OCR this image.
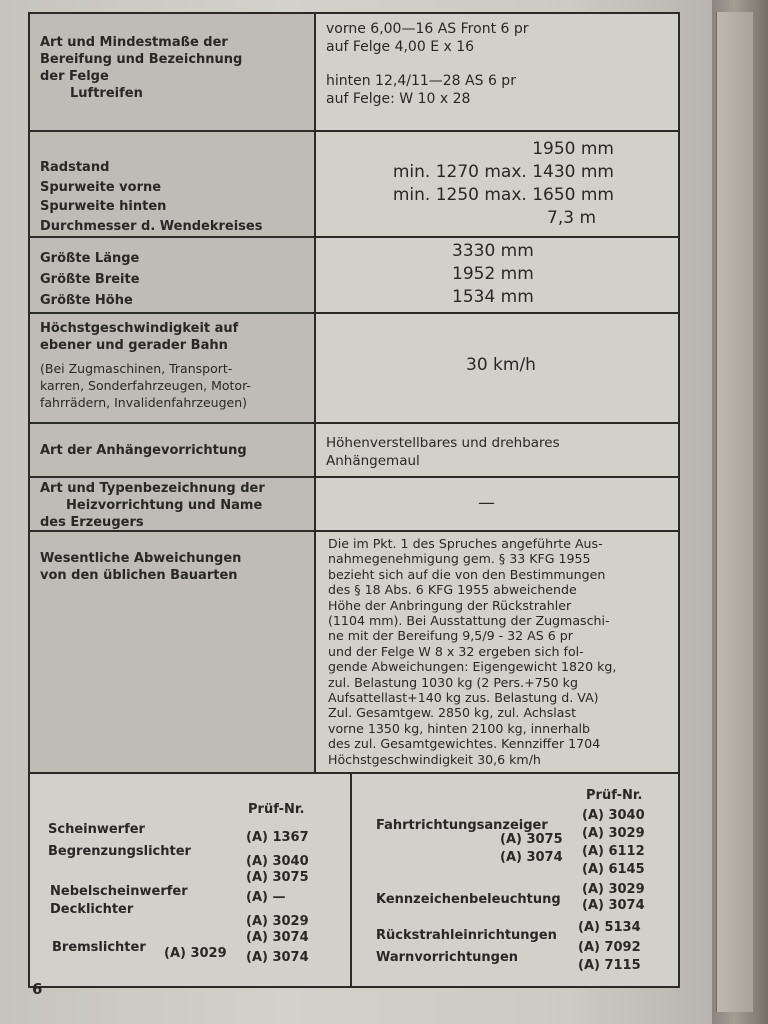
Art und Mindestmaße der
Bereifung und Bezeichnung
der Felge
Luftreifen
vorne 6,00—16 AS Front 6 pr
auf Felge 4,00 E x 16
hinten 12,4/11—28 AS 6 pr
auf Felge: W 10 x 28
Radstand
Spurweite vorne
Spurweite hinten
Durchmesser d. Wendekreises
1950 mm
min. 1270 max. 1430 mm
min. 1250 max. 1650 mm
7,3 m
Größte Länge
Größte Breite
Größte Höhe
3330 mm
1952 mm
1534 mm
Höchstgeschwindigkeit auf
ebener und gerader Bahn
(Bei Zugmaschinen, Transport-
karren, Sonderfahrzeugen, Motor-
fahrrädern, Invalidenfahrzeugen)
30 km/h
Art der Anhängevorrichtung	Höhenverstellbares und drehbares
Anhängemaul
Art und Typenbezeichnung der
Heizvorrichtung und Name
des Erzeugers
—
Wesentliche Abweichungen
von den üblichen Bauarten
Die im Pkt. 1 des Spruches angeführte Aus-
nahmegenehmigung gem. § 33 KFG 1955
bezieht sich auf die von den Bestimmungen
des § 18 Abs. 6 KFG 1955 abweichende
Höhe der Anbringung der Rückstrahler
(1104 mm). Bei Ausstattung der Zugmaschi-
ne mit der Bereifung 9,5/9 - 32 AS 6 pr
und der Felge W 8 x 32 ergeben sich fol-
gende Abweichungen: Eigengewicht 1820 kg,
zul. Belastung 1030 kg (2 Pers.+750 kg
Aufsattellast+140 kg zus. Belastung d. VA)
Zul. Gesamtgew. 2850 kg, zul. Achslast
vorne 1350 kg, hinten 2100 kg, innerhalb
des zul. Gesamtgewichtes. Kennziffer 1704
Höchstgeschwindigkeit 30,6 km/h
Prüf-Nr.
Scheinwerfer
(A) 1367
Begrenzungslichter
(A) 3040
(A) 3075
Nebelscheinwerfer	(A) —
Decklichter
(A) 3029
(A) 3074
Bremslichter (A) 3029 (A) 3074
Prüf-Nr.
Fahrtrichtungsanzeiger
(A) 3040
(A) 3075 (A) 3029
(A) 3074 (A) 6112
(A) 6145
Kennzeichenbeleuchtung
(A) 3029
(A) 3074
Rückstrahleinrichtungen
(A) 5134
Warnvorrichtungen
(A) 7092
(A) 7115
6
